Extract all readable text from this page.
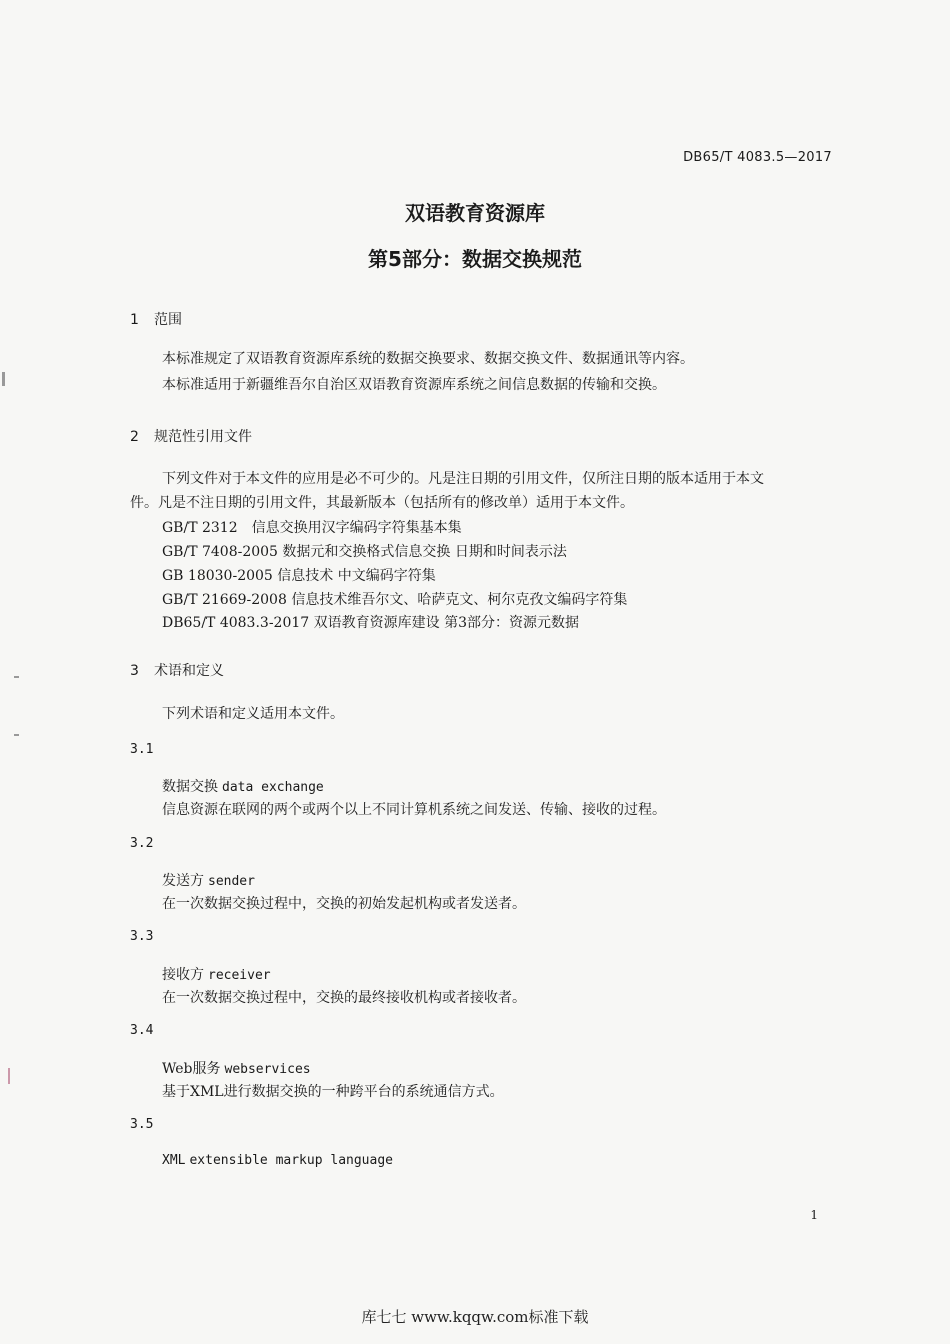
DB65/T 4083.5—2017
双语教育资源库
第5部分：数据交换规范
1 范围
本标准规定了双语教育资源库系统的数据交换要求、数据交换文件、数据通讯等内容。
本标准适用于新疆维吾尔自治区双语教育资源库系统之间信息数据的传输和交换。
2 规范性引用文件
下列文件对于本文件的应用是必不可少的。凡是注日期的引用文件，仅所注日期的版本适用于本文
件。凡是不注日期的引用文件，其最新版本（包括所有的修改单）适用于本文件。
GB/T 2312　信息交换用汉字编码字符集基本集
GB/T 7408-2005 数据元和交换格式信息交换 日期和时间表示法
GB 18030-2005 信息技术 中文编码字符集
GB/T 21669-2008 信息技术维吾尔文、哈萨克文、柯尔克孜文编码字符集
DB65/T 4083.3-2017 双语教育资源库建设 第3部分：资源元数据
3 术语和定义
下列术语和定义适用本文件。
3.1
数据交换 data exchange
信息资源在联网的两个或两个以上不同计算机系统之间发送、传输、接收的过程。
3.2
发送方 sender
在一次数据交换过程中，交换的初始发起机构或者发送者。
3.3
接收方 receiver
在一次数据交换过程中，交换的最终接收机构或者接收者。
3.4
Web服务 webservices
基于XML进行数据交换的一种跨平台的系统通信方式。
3.5
XML extensible markup language
1
库七七 www.kqqw.com标准下载
